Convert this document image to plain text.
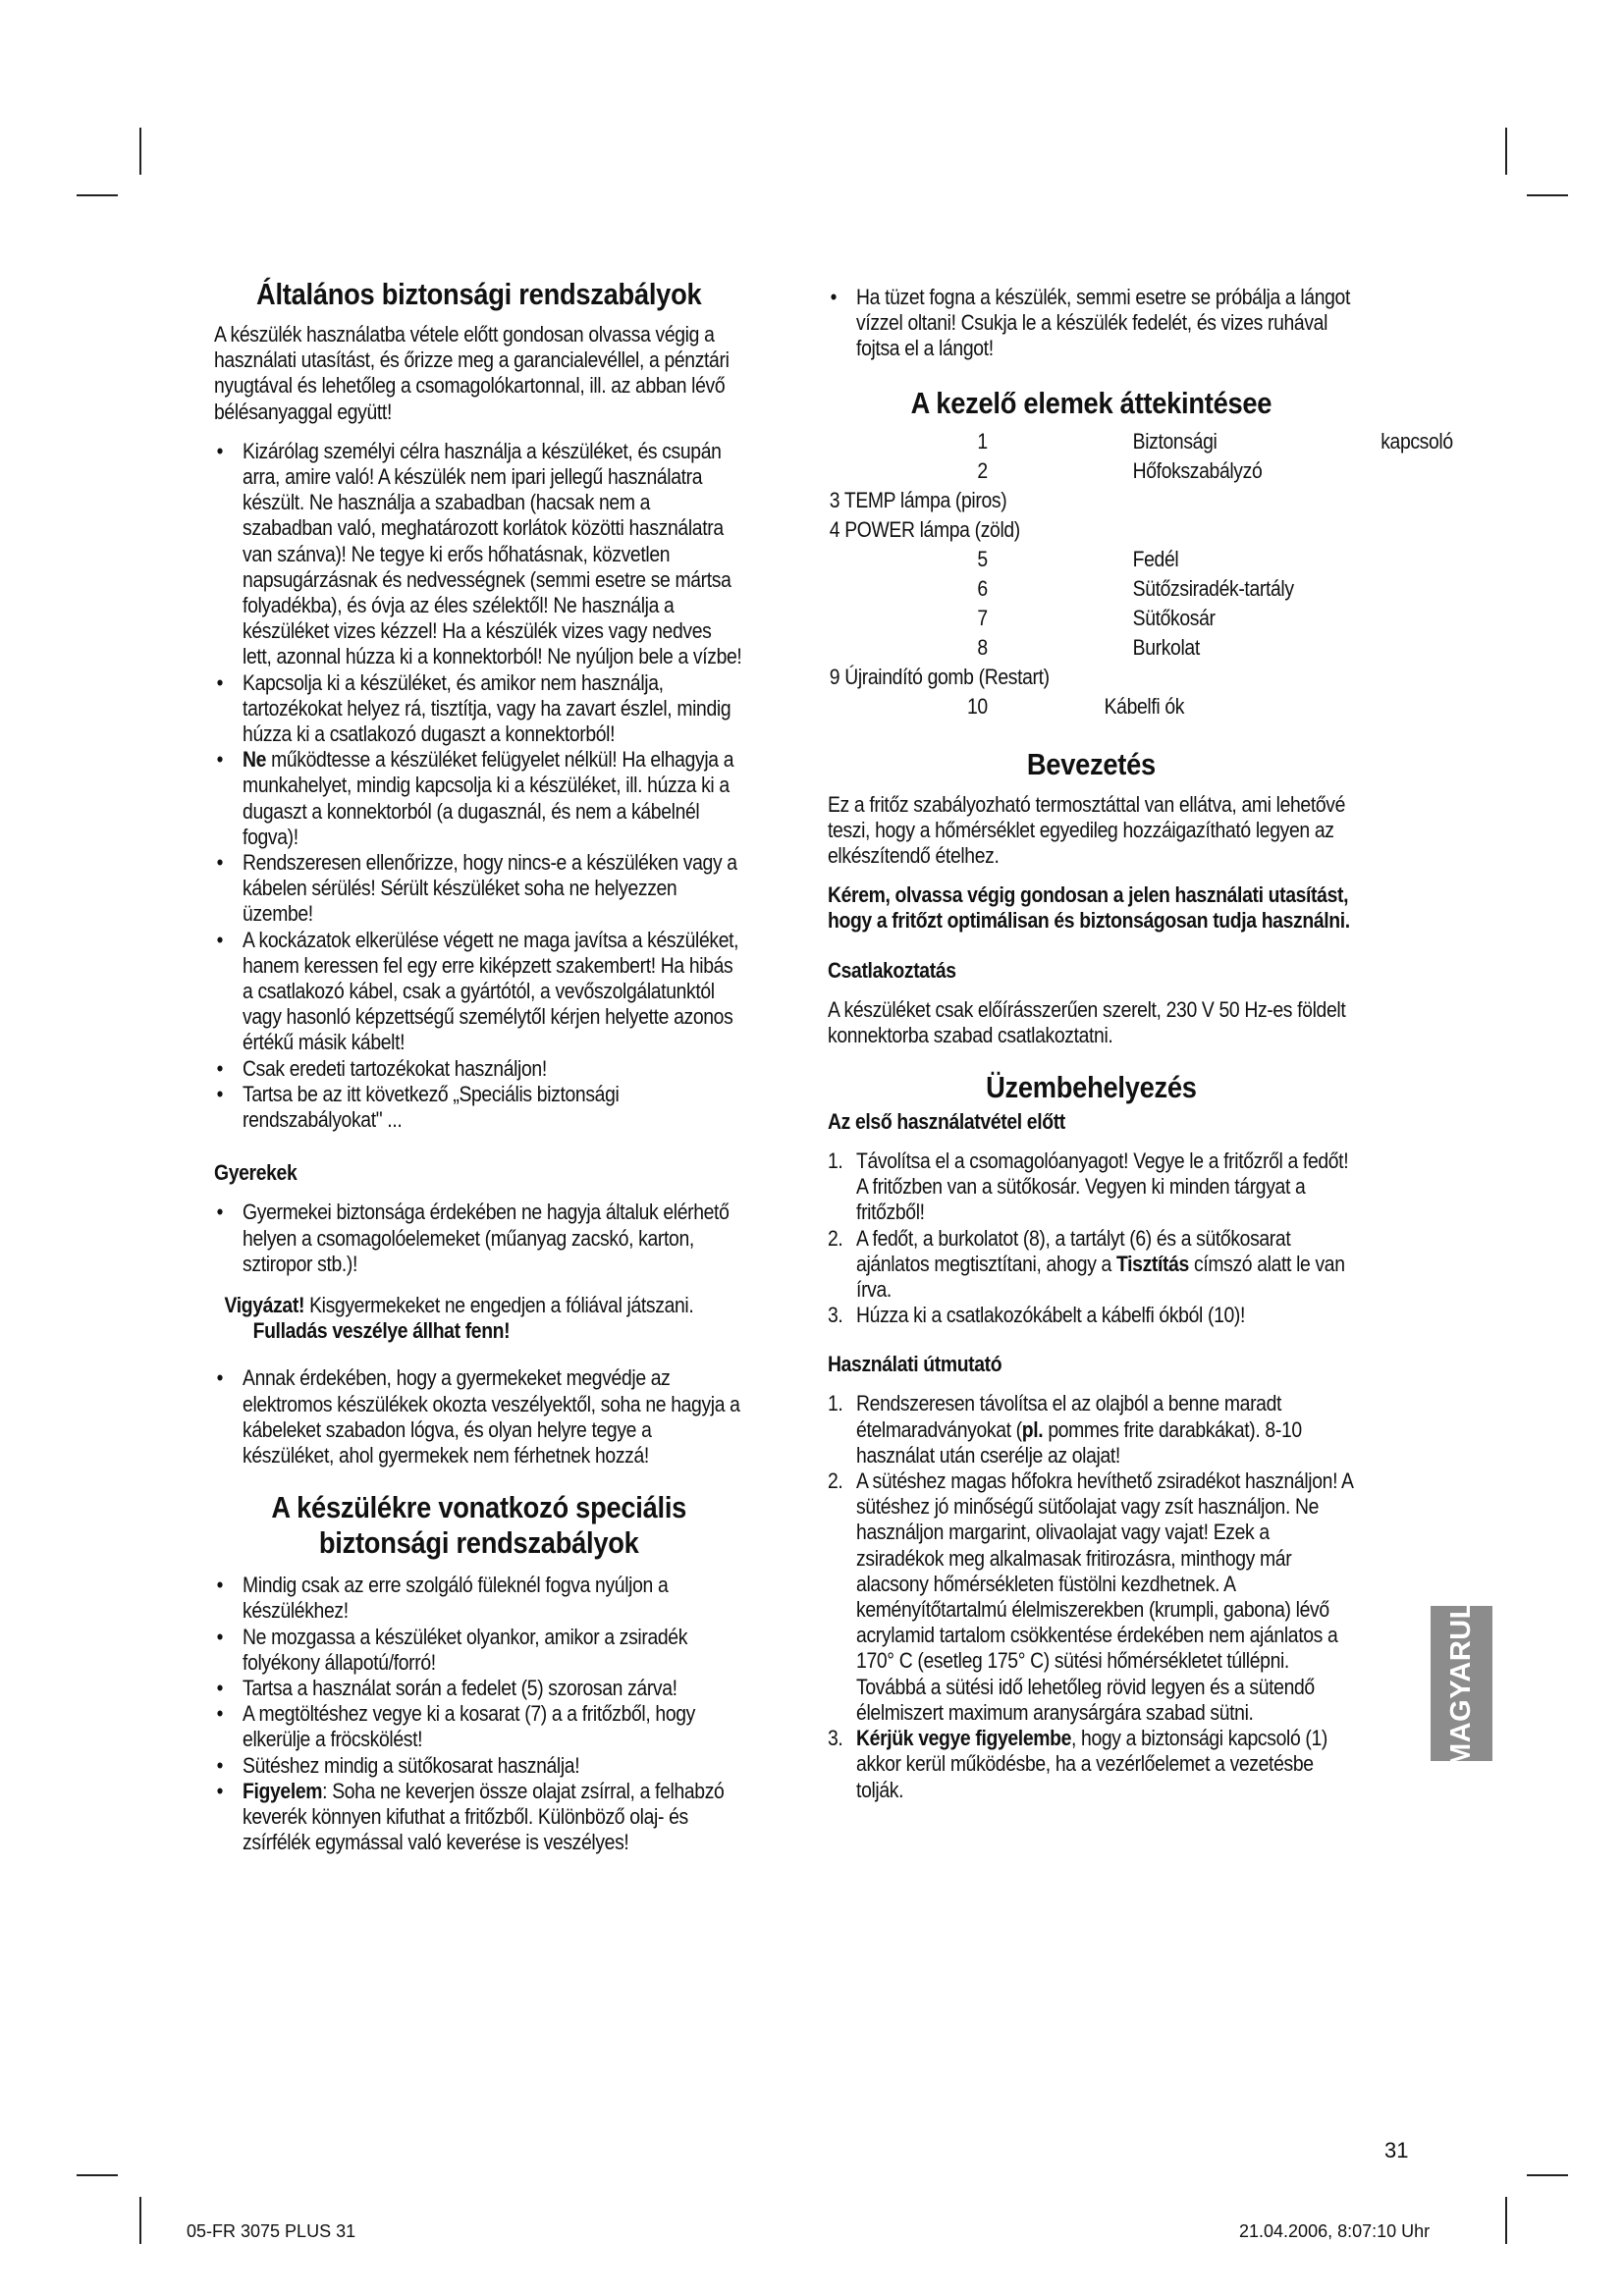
Általános biztonsági rendszabályok

A készülék használatba vétele előtt gondosan olvassa végig a használati utasítást, és őrizze meg a garancialevéllel, a pénztári nyugtával és lehetőleg a csomagolókartonnal, ill. az abban lévő bélésanyaggal együtt!

• Kizárólag személyi célra használja a készüléket, és csupán arra, amire való! A készülék nem ipari jellegű használatra készült. Ne használja a szabadban (hacsak nem a szabadban való, meghatározott korlátok közötti használatra van szánva)! Ne tegye ki erős hőhatásnak, közvetlen napsugárzásnak és nedvességnek (semmi esetre se mártsa folyadékba), és óvja az éles szélektől! Ne használja a készüléket vizes kézzel! Ha a készülék vizes vagy nedves lett, azonnal húzza ki a konnektorból! Ne nyúljon bele a vízbe!
• Kapcsolja ki a készüléket, és amikor nem használja, tartozékokat helyez rá, tisztítja, vagy ha zavart észlel, mindig húzza ki a csatlakozó dugaszt a konnektorból!
• Ne működtesse a készüléket felügyelet nélkül! Ha elhagyja a munkahelyet, mindig kapcsolja ki a készüléket, ill. húzza ki a dugaszt a konnektorból (a dugasznál, és nem a kábelnél fogva)!
• Rendszeresen ellenőrizze, hogy nincs-e a készüléken vagy a kábelen sérülés! Sérült készüléket soha ne helyezzen üzembe!
• A kockázatok elkerülése végett ne maga javítsa a készüléket, hanem keressen fel egy erre kiképzett szakembert! Ha hibás a csatlakozó kábel, csak a gyártótól, a vevőszolgálatunktól vagy hasonló képzettségű személytől kérjen helyette azonos értékű másik kábelt!
• Csak eredeti tartozékokat használjon!
• Tartsa be az itt következő „Speciális biztonsági rendszabályokat" ...
Gyerekek
• Gyermekei biztonsága érdekében ne hagyja általuk elérhető helyen a csomagolóelemeket (műanyag zacskó, karton, sztiropor stb.)!
Vigyázat! Kisgyermekeket ne engedjen a fóliával játszani.
Fulladás veszélye állhat fenn!
• Annak érdekében, hogy a gyermekeket megvédje az elektromos készülékek okozta veszélyektől, soha ne hagyja a kábeleket szabadon lógva, és olyan helyre tegye a készüléket, ahol gyermekek nem férhetnek hozzá!
A készülékre vonatkozó speciális
biztonsági rendszabályok
• Mindig csak az erre szolgáló füleknél fogva nyúljon a készülékhez!
• Ne mozgassa a készüléket olyankor, amikor a zsiradék folyékony állapotú/forró!
• Tartsa a használat során a fedelet (5) szorosan zárva!
• A megtöltéshez vegye ki a kosarat (7) a a fritőzből, hogy elkerülje a fröcskölést!
• Sütéshez mindig a sütőkosarat használja!
• Figyelem: Soha ne keverjen össze olajat zsírral, a felhabzó keverék könnyen kifuthat a fritőzből. Különböző olaj- és zsírfélék egymással való keverése is veszélyes!
• Ha tüzet fogna a készülék, semmi esetre se próbálja a lángot vízzel oltani! Csukja le a készülék fedelét, és vizes ruhával fojtsa el a lángot!
A kezelő elemek áttekintésee
1	Biztonsági	kapcsoló
2	Hőfokszabályzó
3 TEMP lámpa (piros)
4 POWER lámpa (zöld)
5	Fedél
6	Sütőzsiradék-tartály
7	Sütőkosár
8	Burkolat
9 Újraindító gomb (Restart)
10	Kábelfi ók
Bevezetés

Ez a fritőz szabályozható termosztáttal van ellátva, ami lehetővé teszi, hogy a hőmérséklet egyedileg hozzáigazítható legyen az elkészítendő ételhez.

Kérem, olvassa végig gondosan a jelen használati utasítást, hogy a fritőzt optimálisan és biztonságosan tudja használni.

Csatlakoztatás

A készüléket csak előírásszerűen szerelt, 230 V 50 Hz-es földelt konnektorba szabad csatlakoztatni.

Üzembehelyezés
Az első használatvétel előtt
1. Távolítsa el a csomagolóanyagot! Vegye le a fritőzről a fedőt! A fritőzben van a sütőkosár. Vegyen ki minden tárgyat a fritőzből!
2. A fedőt, a burkolatot (8), a tartályt (6) és a sütőkosarat ajánlatos megtisztítani, ahogy a Tisztítás címszó alatt le van írva.
3. Húzza ki a csatlakozókábelt a kábelfi ókból (10)!
Használati útmutató
1. Rendszeresen távolítsa el az olajból a benne maradt ételmaradványokat (pl. pommes frite darabkákat). 8-10 használat után cserélje az olajat!
2. A sütéshez magas hőfokra hevíthető zsiradékot használjon! A sütéshez jó minőségű sütőolajat vagy zsít használjon. Ne használjon margarint, olivaolajat vagy vajat! Ezek a zsiradékok meg alkalmasak fritirozásra, minthogy már alacsony hőmérsékleten füstölni kezdhetnek. A keményítőtartalmú élelmiszerekben (krumpli, gabona) lévő acrylamid tartalom csökkentése érdekében nem ajánlatos a 170° C (esetleg 175° C) sütési hőmérsékletet túllépni. Továbbá a sütési idő lehetőleg rövid legyen és a sütendő élelmiszert maximum aranysárgára szabad sütni.
3. Kérjük vegye figyelembe, hogy a biztonsági kapcsoló (1) akkor kerül működésbe, ha a vezérlőelemet a vezetésbe tolják.
MAGYARUL
31
05-FR 3075 PLUS 31	21.04.2006, 8:07:10 Uhr
